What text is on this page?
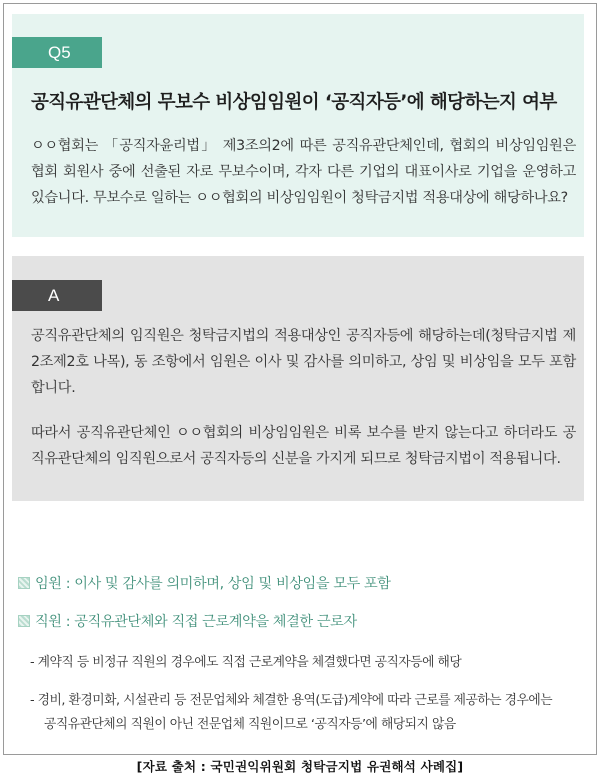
Q5
공직유관단체의 무보수 비상임임원이 ‘공직자등’에 해당하는지 여부

ㅇㅇ협회는 「공직자윤리법」 제3조의2에 따른 공직유관단체인데, 협회의 비상임임원은 협회 회원사 중에 선출된 자로 무보수이며, 각자 다른 기업의 대표이사로 기업을 운영하고 있습니다. 무보수로 일하는 ㅇㅇ협회의 비상임임원이 청탁금지법 적용대상에 해당하나요?

A

공직유관단체의 임직원은 청탁금지법의 적용대상인 공직자등에 해당하는데(청탁금지법 제2조제2호 나목), 동 조항에서 임원은 이사 및 감사를 의미하고, 상임 및 비상임을 모두 포함합니다.

따라서 공직유관단체인 ㅇㅇ협회의 비상임임원은 비록 보수를 받지 않는다고 하더라도 공직유관단체의 임직원으로서 공직자등의 신분을 가지게 되므로 청탁금지법이 적용됩니다.

임원 : 이사 및 감사를 의미하며, 상임 및 비상임을 모두 포함
직원 : 공직유관단체와 직접 근로계약을 체결한 근로자
- 계약직 등 비정규 직원의 경우에도 직접 근로계약을 체결했다면 공직자등에 해당
- 경비, 환경미화, 시설관리 등 전문업체와 체결한 용역(도급)계약에 따라 근로를 제공하는 경우에는
공직유관단체의 직원이 아닌 전문업체 직원이므로 ‘공직자등’에 해당되지 않음
[자료 출처 : 국민권익위원회 청탁금지법 유권해석 사례집]
